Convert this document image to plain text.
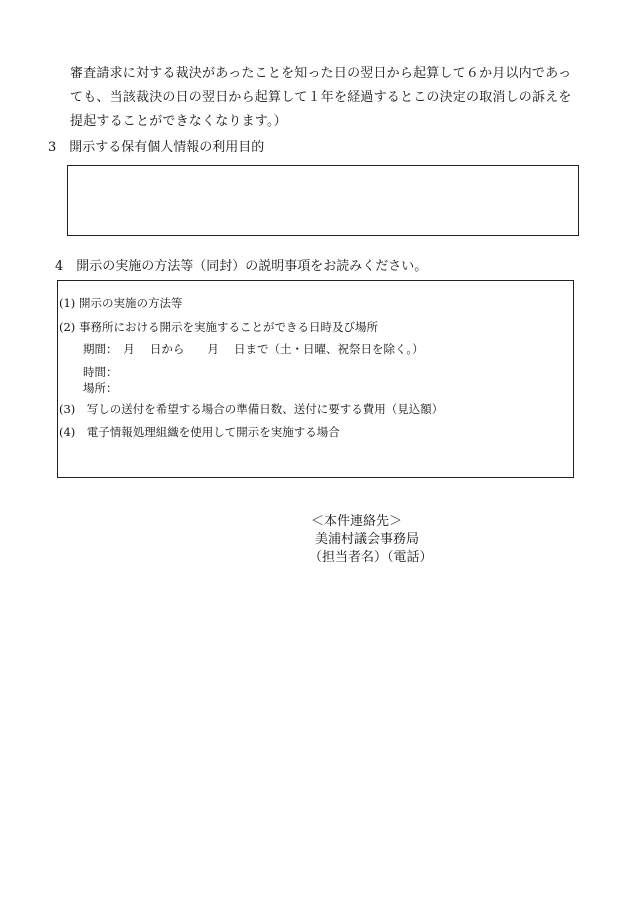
審査請求に対する裁決があったことを知った日の翌日から起算して６か月以内であっ
ても、当該裁決の日の翌日から起算して１年を経過するとこの決定の取消しの訴えを
提起することができなくなります。）
3　開示する保有個人情報の利用目的
4　開示の実施の方法等（同封）の説明事項をお読みください。
(1) 開示の実施の方法等
(2) 事務所における開示を実施することができる日時及び場所
期間：　月　 日から　　月　 日まで（土・日曜、祝祭日を除く。）
時間：
場所：
(3)　写しの送付を希望する場合の準備日数、送付に要する費用（見込額）
(4)　電子情報処理組織を使用して開示を実施する場合
＜本件連絡先＞
美浦村議会事務局
（担当者名）（電話）
